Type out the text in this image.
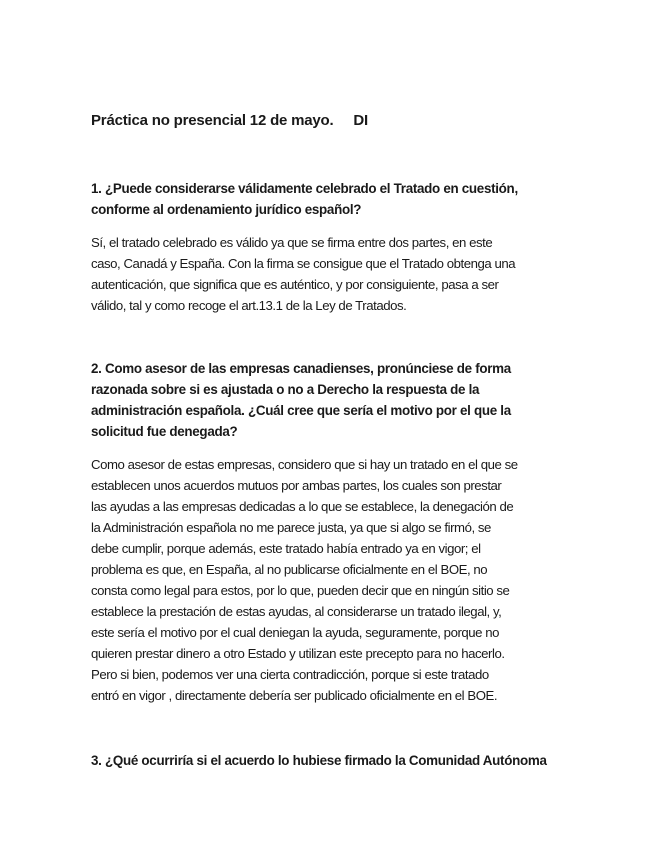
Práctica no presencial 12 de mayo.     DI
1. ¿Puede considerarse válidamente celebrado el Tratado en cuestión,
conforme al ordenamiento jurídico español?
Sí, el tratado celebrado es válido ya que se firma entre dos partes, en este
caso, Canadá y España. Con la firma se consigue que el Tratado obtenga una
autenticación, que significa que es auténtico, y por consiguiente, pasa a ser
válido, tal y como recoge el art.13.1 de la Ley de Tratados.
2. Como asesor de las empresas canadienses, pronúnciese de forma
razonada sobre si es ajustada o no a Derecho la respuesta de la
administración española. ¿Cuál cree que sería el motivo por el que la
solicitud fue denegada?
Como asesor de estas empresas, considero que si hay un tratado en el que se
establecen unos acuerdos mutuos por ambas partes, los cuales son prestar
las ayudas a las empresas dedicadas a lo que se establece, la denegación de
la Administración española no me parece justa, ya que si algo se firmó, se
debe cumplir, porque además, este tratado había entrado ya en vigor; el
problema es que, en España, al no publicarse oficialmente en el BOE, no
consta como legal para estos, por lo que, pueden decir que en ningún sitio se
establece la prestación de estas ayudas, al considerarse un tratado ilegal, y,
este sería el motivo por el cual deniegan la ayuda, seguramente, porque no
quieren prestar dinero a otro Estado y utilizan este precepto para no hacerlo.
Pero si bien, podemos ver una cierta contradicción, porque si este tratado
entró en vigor , directamente debería ser publicado oficialmente en el BOE.
3. ¿Qué ocurriría si el acuerdo lo hubiese firmado la Comunidad Autónoma
